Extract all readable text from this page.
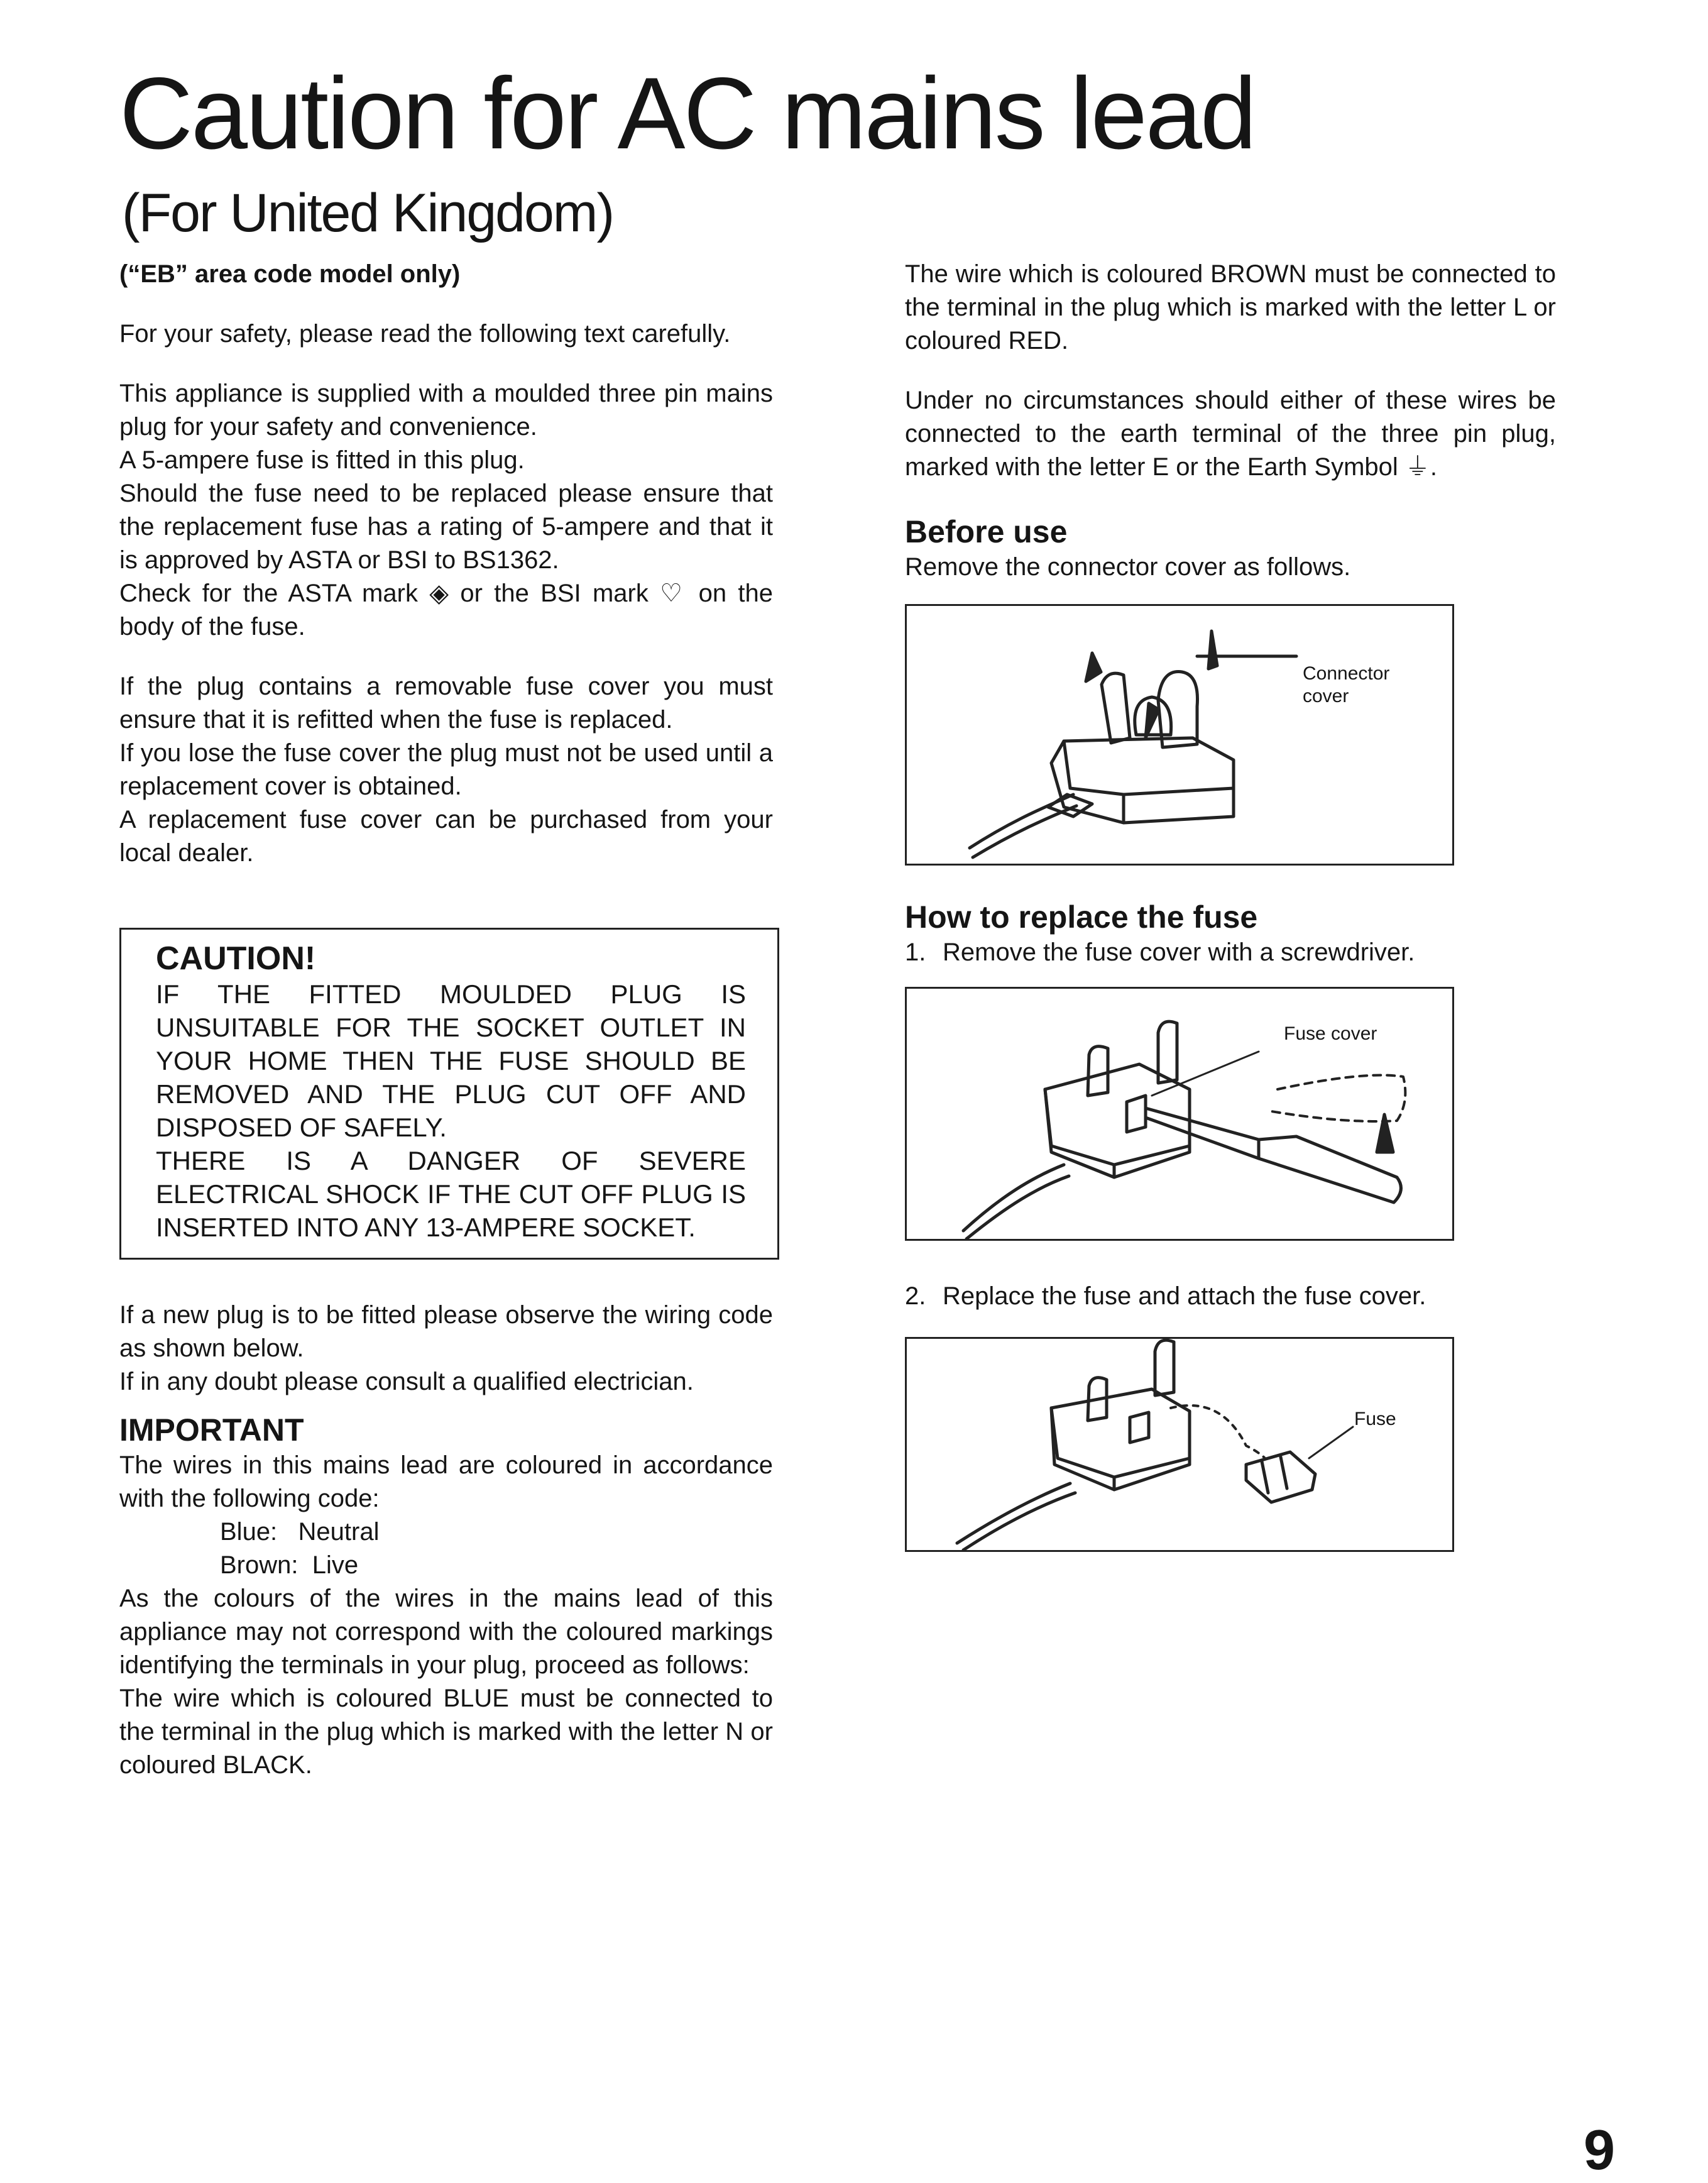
Caution for AC mains lead
(For United Kingdom)

(“EB” area code model only)

For your safety, please read the following text carefully.

This appliance is supplied with a moulded three pin mains plug for your safety and convenience.

A 5-ampere fuse is fitted in this plug.

Should the fuse need to be replaced please ensure that the replacement fuse has a rating of 5-ampere and that it is approved by ASTA or BSI to BS1362.

Check for the ASTA mark ◈ or the BSI mark ♡ on the body of the fuse.

If the plug contains a removable fuse cover you must ensure that it is refitted when the fuse is replaced.

If you lose the fuse cover the plug must not be used until a replacement cover is obtained.

A replacement fuse cover can be purchased from your local dealer.

CAUTION!

IF THE FITTED MOULDED PLUG IS UNSUITABLE FOR THE SOCKET OUTLET IN YOUR HOME THEN THE FUSE SHOULD BE REMOVED AND THE PLUG CUT OFF AND DISPOSED OF SAFELY.

THERE IS A DANGER OF SEVERE ELECTRICAL SHOCK IF THE CUT OFF PLUG IS INSERTED INTO ANY 13-AMPERE SOCKET.

If a new plug is to be fitted please observe the wiring code as shown below.

If in any doubt please consult a qualified electrician.

IMPORTANT

The wires in this mains lead are coloured in accordance with the following code:

Blue:   Neutral

Brown:  Live

As the colours of the wires in the mains lead of this appliance may not correspond with the coloured markings identifying the terminals in your plug, proceed as follows:

The wire which is coloured BLUE must be connected to the terminal in the plug which is marked with the letter N or coloured BLACK.

The wire which is coloured BROWN must be connected to the terminal in the plug which is marked with the letter L or coloured RED.

Under no circumstances should either of these wires be connected to the earth terminal of the three pin plug, marked with the letter E or the Earth Symbol ⏚.

Before use

Remove the connector cover as follows.

Connector cover
How to replace the fuse

1. Remove the fuse cover with a screwdriver.

Fuse cover

2. Replace the fuse and attach the fuse cover.

Fuse
9
